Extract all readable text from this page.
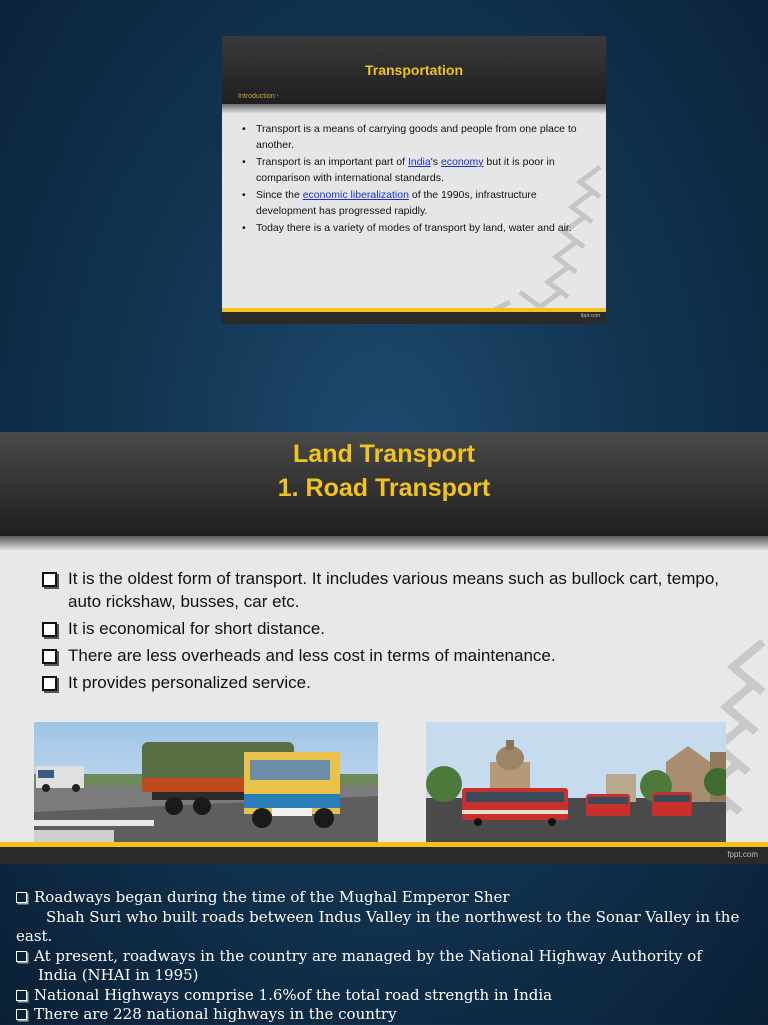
Transportation
Introduction:-
• Transport is a means of carrying goods and people from one place to another.
• Transport is an important part of India's economy but it is poor in comparison with international standards.
• Since the economic liberalization of the 1990s, infrastructure development has progressed rapidly.
• Today there is a variety of modes of transport by land, water and air.
fppt.com
Land Transport
1. Road Transport
It is the oldest form of transport. It includes various means such as bullock cart, tempo, auto rickshaw, busses, car etc.
It is economical for short distance.
There are less overheads and less cost in terms of maintenance.
It provides personalized service.
fppt.com

Roadways began during the time of the Mughal Emperor Sher

Shah Suri who built roads between Indus Valley in the northwest to the Sonar Valley in the east.

At present, roadways in the country are managed by the National Highway Authority of

India (NHAI in 1995)

National Highways comprise 1.6%of the total road strength in India

There are 228 national highways in the country
